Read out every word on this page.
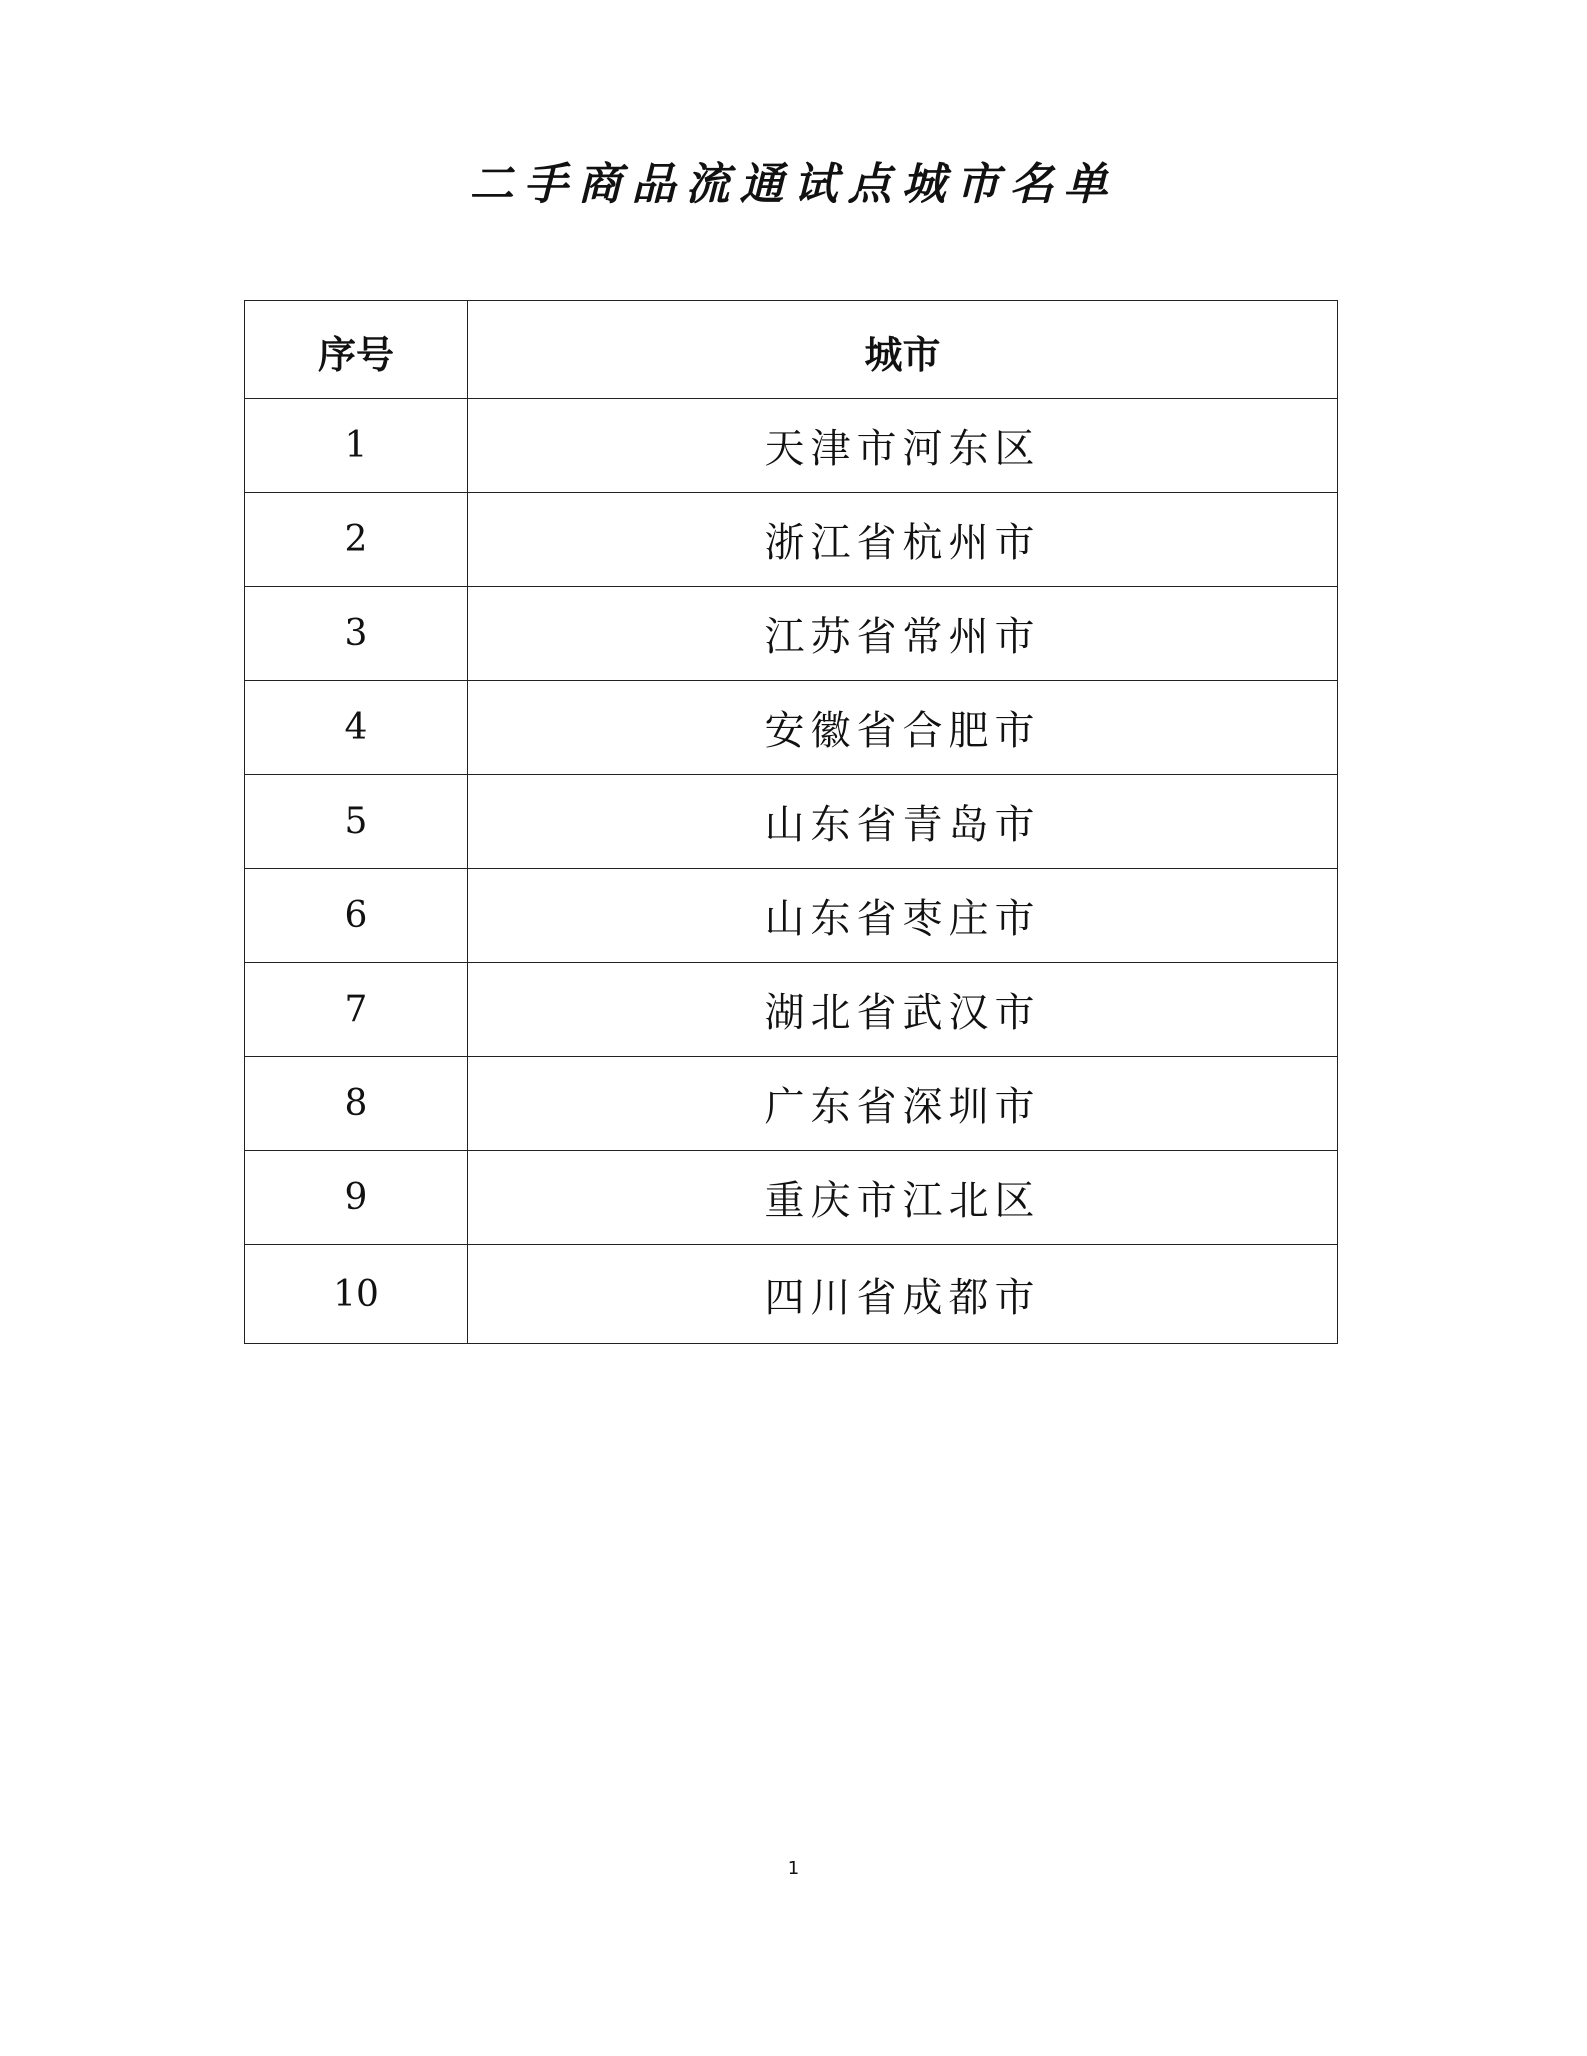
二手商品流通试点城市名单
序号	城市
1	天津市河东区
2	浙江省杭州市
3	江苏省常州市
4	安徽省合肥市
5	山东省青岛市
6	山东省枣庄市
7	湖北省武汉市
8	广东省深圳市
9	重庆市江北区
10	四川省成都市
1
